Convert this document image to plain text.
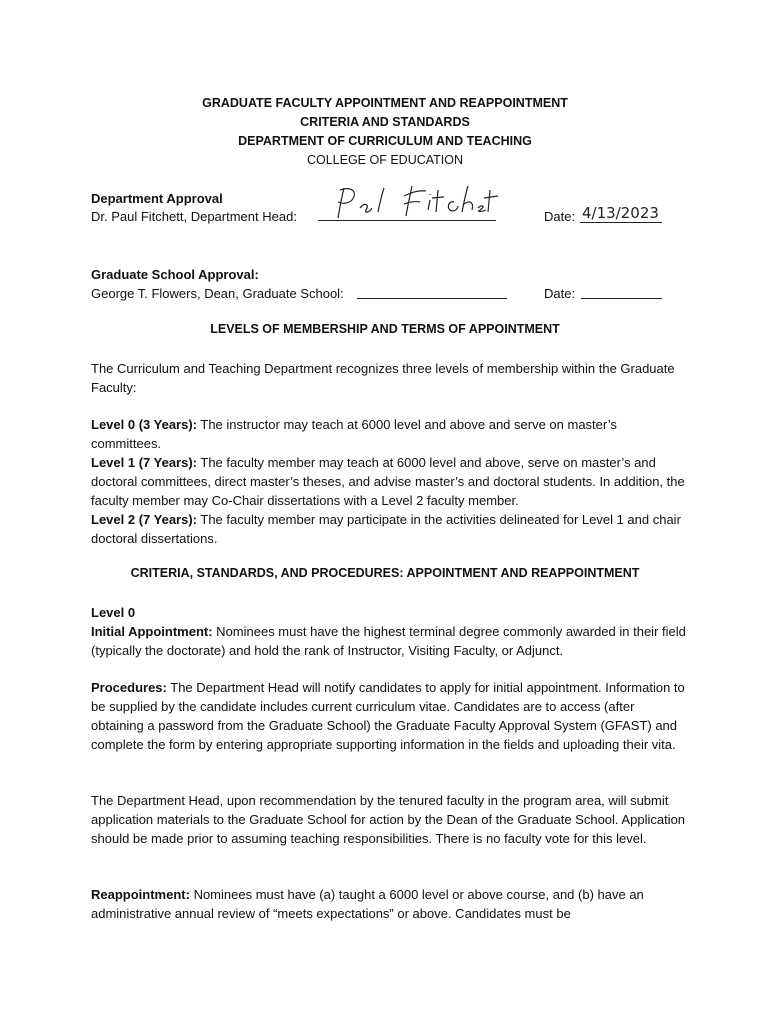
GRADUATE FACULTY APPOINTMENT AND REAPPOINTMENT
CRITERIA AND STANDARDS
DEPARTMENT OF CURRICULUM AND TEACHING
COLLEGE OF EDUCATION
Department Approval
Dr. Paul Fitchett, Department Head:	Date: 4/13/2023
Graduate School Approval:
George T. Flowers, Dean, Graduate School:	Date:
LEVELS OF MEMBERSHIP AND TERMS OF APPOINTMENT
The Curriculum and Teaching Department recognizes three levels of membership within the Graduate Faculty:
Level 0 (3 Years): The instructor may teach at 6000 level and above and serve on master’s committees.
Level 1 (7 Years): The faculty member may teach at 6000 level and above, serve on master’s and doctoral committees, direct master’s theses, and advise master’s and doctoral students. In addition, the faculty member may Co-Chair dissertations with a Level 2 faculty member.
Level 2 (7 Years): The faculty member may participate in the activities delineated for Level 1 and chair doctoral dissertations.
CRITERIA, STANDARDS, AND PROCEDURES: APPOINTMENT AND REAPPOINTMENT
Level 0
Initial Appointment: Nominees must have the highest terminal degree commonly awarded in their field (typically the doctorate) and hold the rank of Instructor, Visiting Faculty, or Adjunct.
Procedures: The Department Head will notify candidates to apply for initial appointment. Information to be supplied by the candidate includes current curriculum vitae. Candidates are to access (after obtaining a password from the Graduate School) the Graduate Faculty Approval System (GFAST) and complete the form by entering appropriate supporting information in the fields and uploading their vita.
The Department Head, upon recommendation by the tenured faculty in the program area, will submit application materials to the Graduate School for action by the Dean of the Graduate School. Application should be made prior to assuming teaching responsibilities. There is no faculty vote for this level.
Reappointment: Nominees must have (a) taught a 6000 level or above course, and (b) have an administrative annual review of “meets expectations” or above. Candidates must be
